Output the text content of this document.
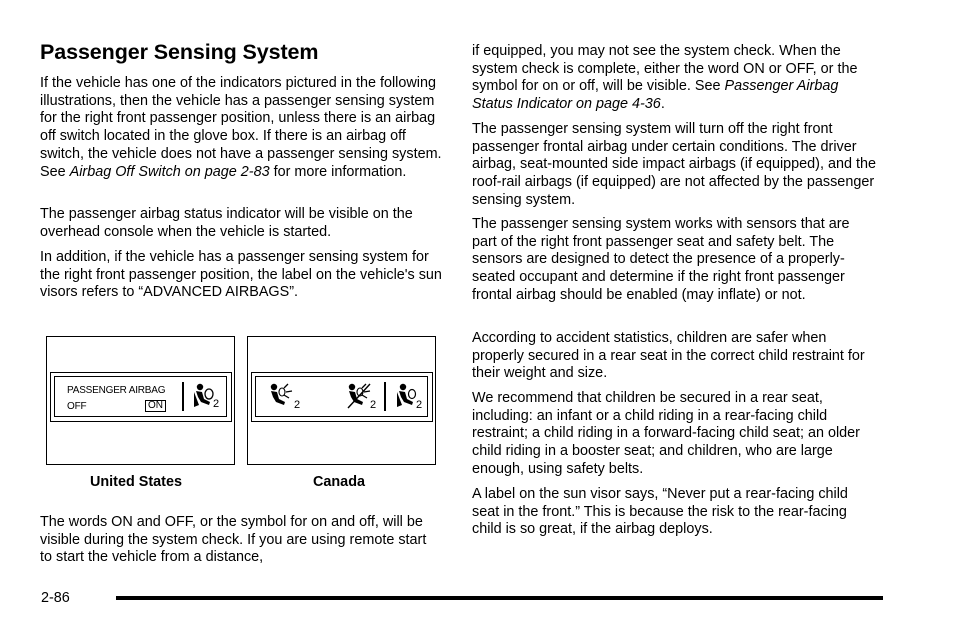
Passenger Sensing System

If the vehicle has one of the indicators pictured in the following illustrations, then the vehicle has a passenger sensing system for the right front passenger position, unless there is an airbag off switch located in the glove box. If there is an airbag off switch, the vehicle does not have a passenger sensing system. See Airbag Off Switch on page 2-83 for more information.

The passenger airbag status indicator will be visible on the overhead console when the vehicle is started.

In addition, if the vehicle has a passenger sensing system for the right front passenger position, the label on the vehicle's sun visors refers to “ADVANCED AIRBAGS”.

PASSENGER AIRBAG
OFF	ON	2
United States
2	2	2
Canada

The words ON and OFF, or the symbol for on and off, will be visible during the system check. If you are using remote start to start the vehicle from a distance,

if equipped, you may not see the system check. When the system check is complete, either the word ON or OFF, or the symbol for on or off, will be visible. See Passenger Airbag Status Indicator on page 4-36.

The passenger sensing system will turn off the right front passenger frontal airbag under certain conditions. The driver airbag, seat-mounted side impact airbags (if equipped), and the roof-rail airbags (if equipped) are not affected by the passenger sensing system.

The passenger sensing system works with sensors that are part of the right front passenger seat and safety belt. The sensors are designed to detect the presence of a properly-seated occupant and determine if the right front passenger frontal airbag should be enabled (may inflate) or not.

According to accident statistics, children are safer when properly secured in a rear seat in the correct child restraint for their weight and size.

We recommend that children be secured in a rear seat, including: an infant or a child riding in a rear-facing child restraint; a child riding in a forward-facing child seat; an older child riding in a booster seat; and children, who are large enough, using safety belts.

A label on the sun visor says, “Never put a rear-facing child seat in the front.” This is because the risk to the rear-facing child is so great, if the airbag deploys.

2-86
